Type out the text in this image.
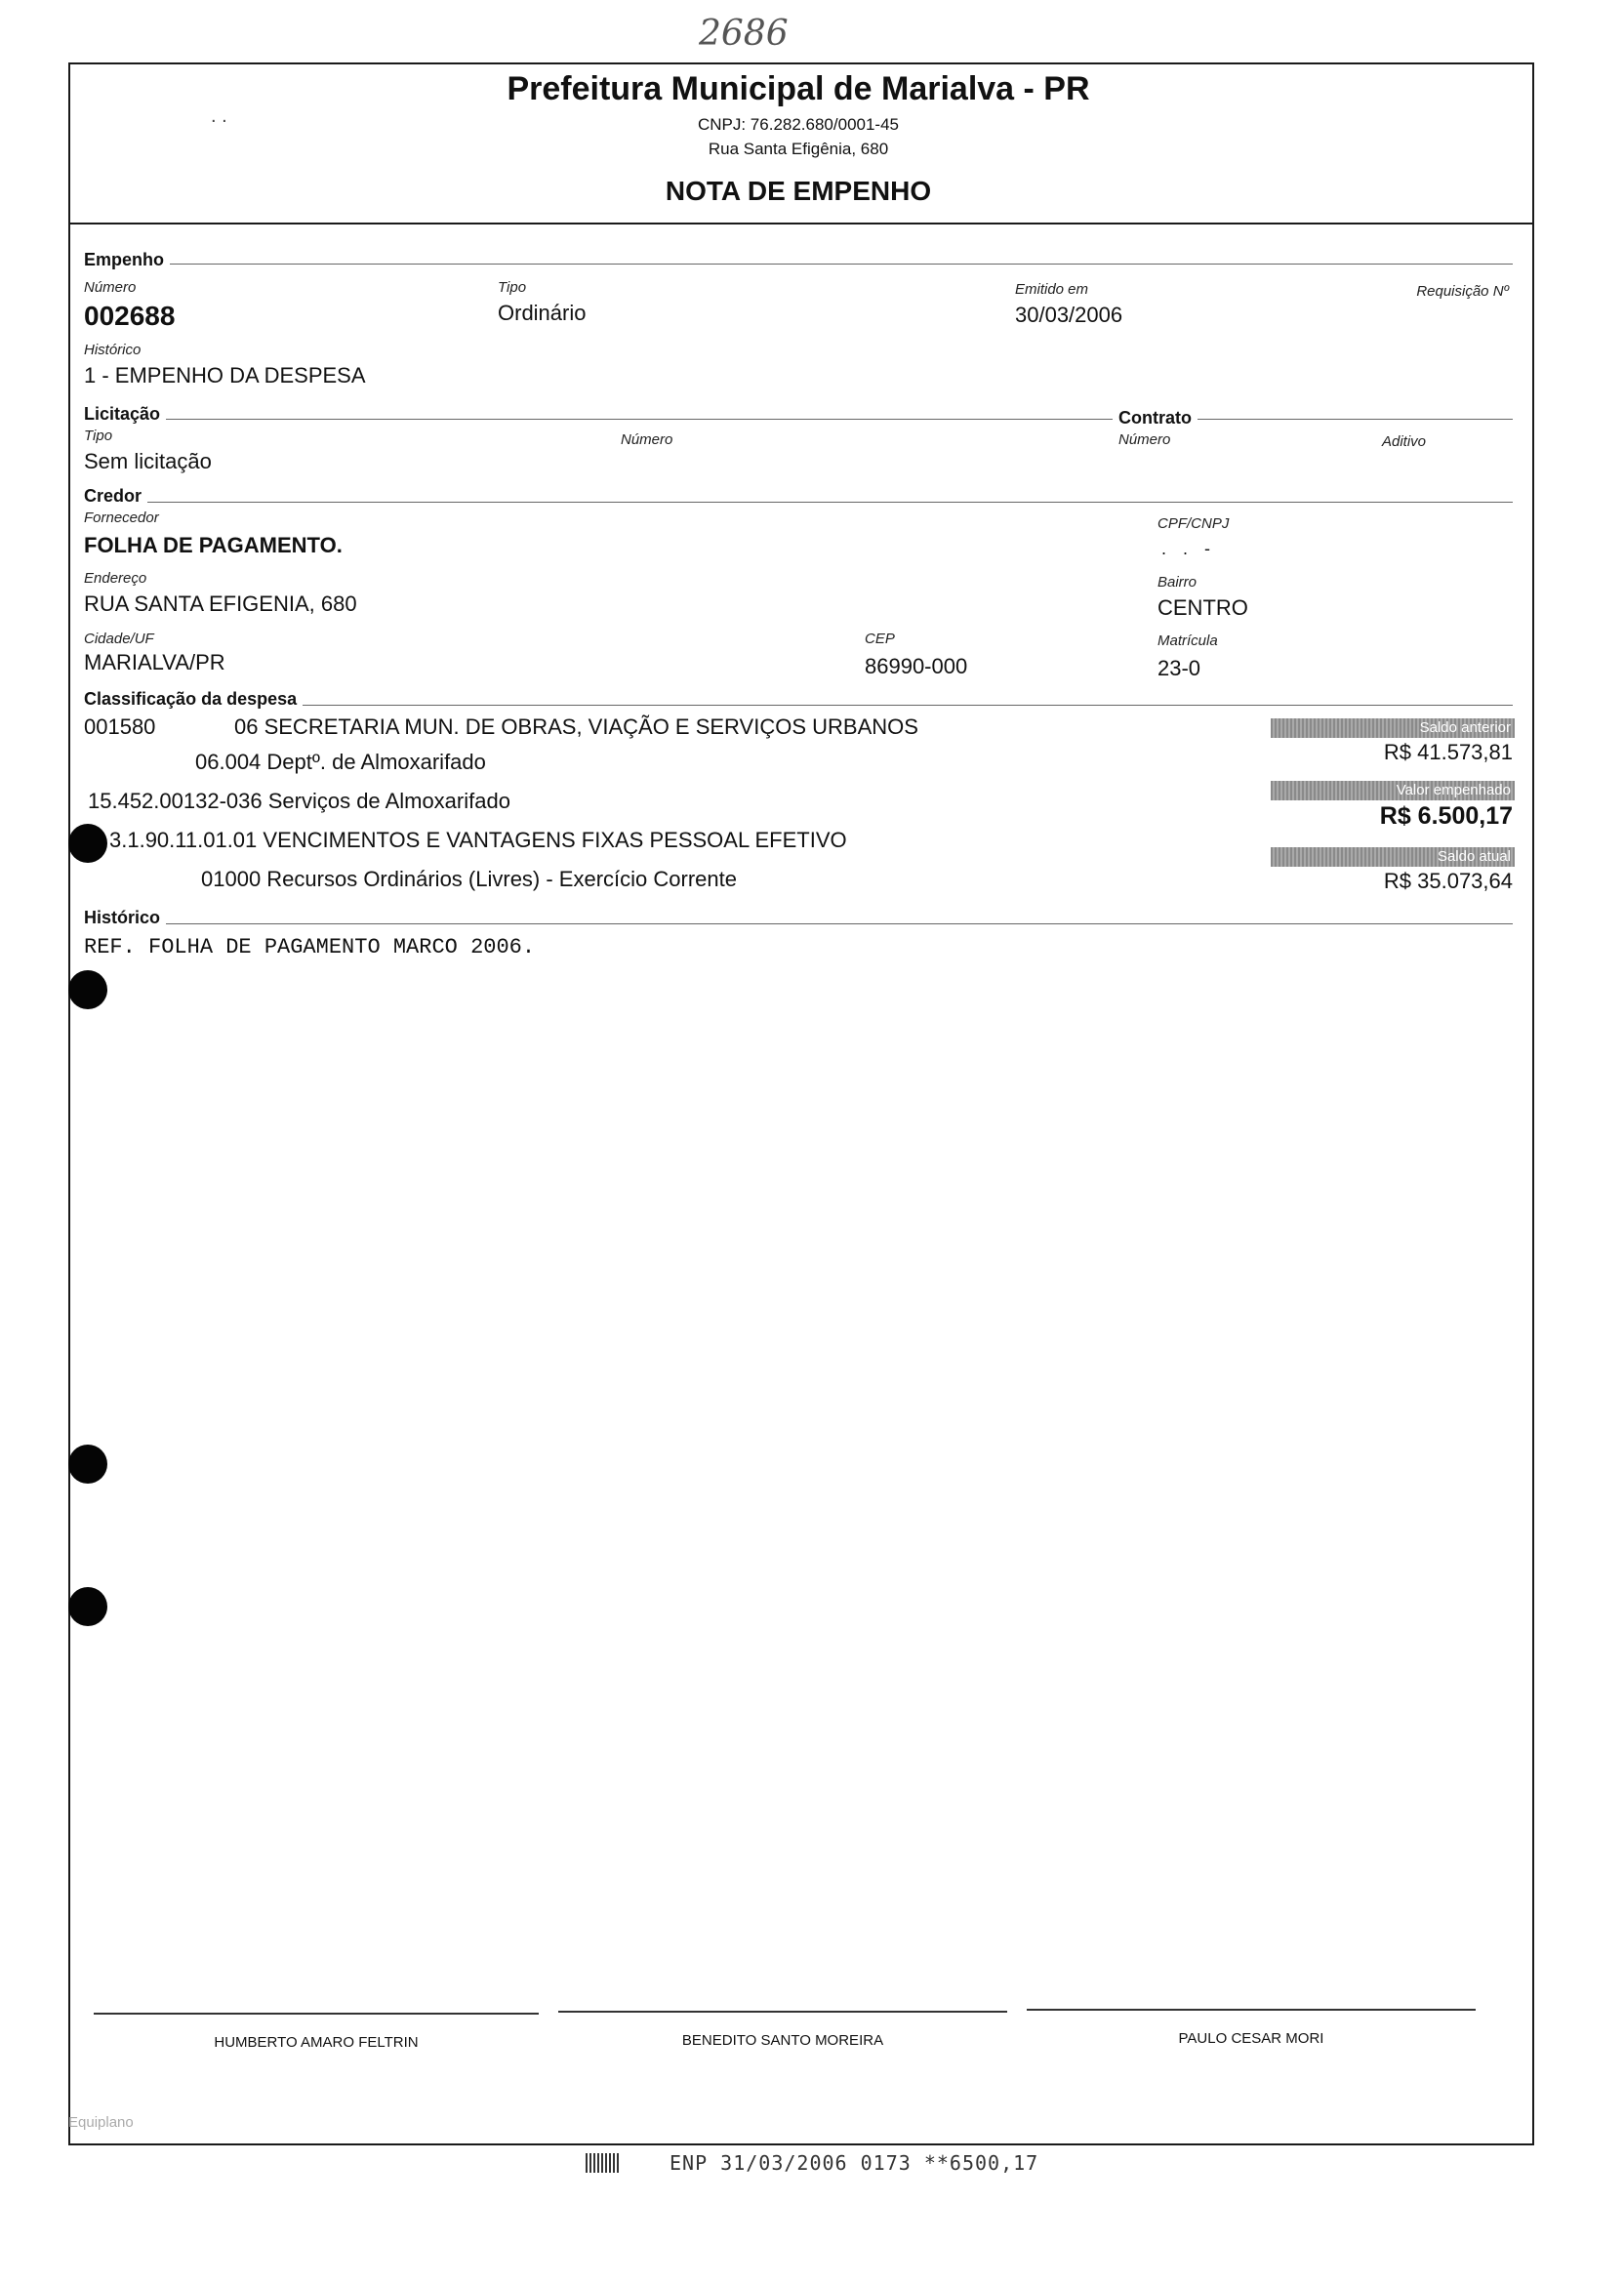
2686
. .
Prefeitura Municipal de Marialva - PR
CNPJ: 76.282.680/0001-45
Rua Santa Efigênia, 680
NOTA DE EMPENHO
Empenho
Número
002688
Tipo
Ordinário
Emitido em
30/03/2006
Requisição Nº
Histórico
1 - EMPENHO DA DESPESA
Licitação	Contrato
Tipo
Sem licitação
Número	Número	Aditivo
Credor
Fornecedor
FOLHA DE PAGAMENTO.
CPF/CNPJ
. . -
Endereço
RUA SANTA EFIGENIA, 680
Bairro
CENTRO
Cidade/UF
MARIALVA/PR
CEP
86990-000
Matrícula
23-0
Classificação da despesa
001580	06 SECRETARIA MUN. DE OBRAS, VIAÇÃO E SERVIÇOS URBANOS
06.004 Deptº. de Almoxarifado
15.452.00132-036 Serviços de Almoxarifado
3.1.90.11.01.01 VENCIMENTOS E VANTAGENS FIXAS PESSOAL EFETIVO
01000 Recursos Ordinários (Livres) - Exercício Corrente
Saldo anterior
R$ 41.573,81
Valor empenhado
R$ 6.500,17
Saldo atual
R$ 35.073,64
Histórico
REF. FOLHA DE PAGAMENTO MARCO 2006.
HUMBERTO AMARO FELTRIN	BENEDITO SANTO MOREIRA	PAULO CESAR MORI
Equiplano
ENP 31/03/2006 0173 **6500,17
